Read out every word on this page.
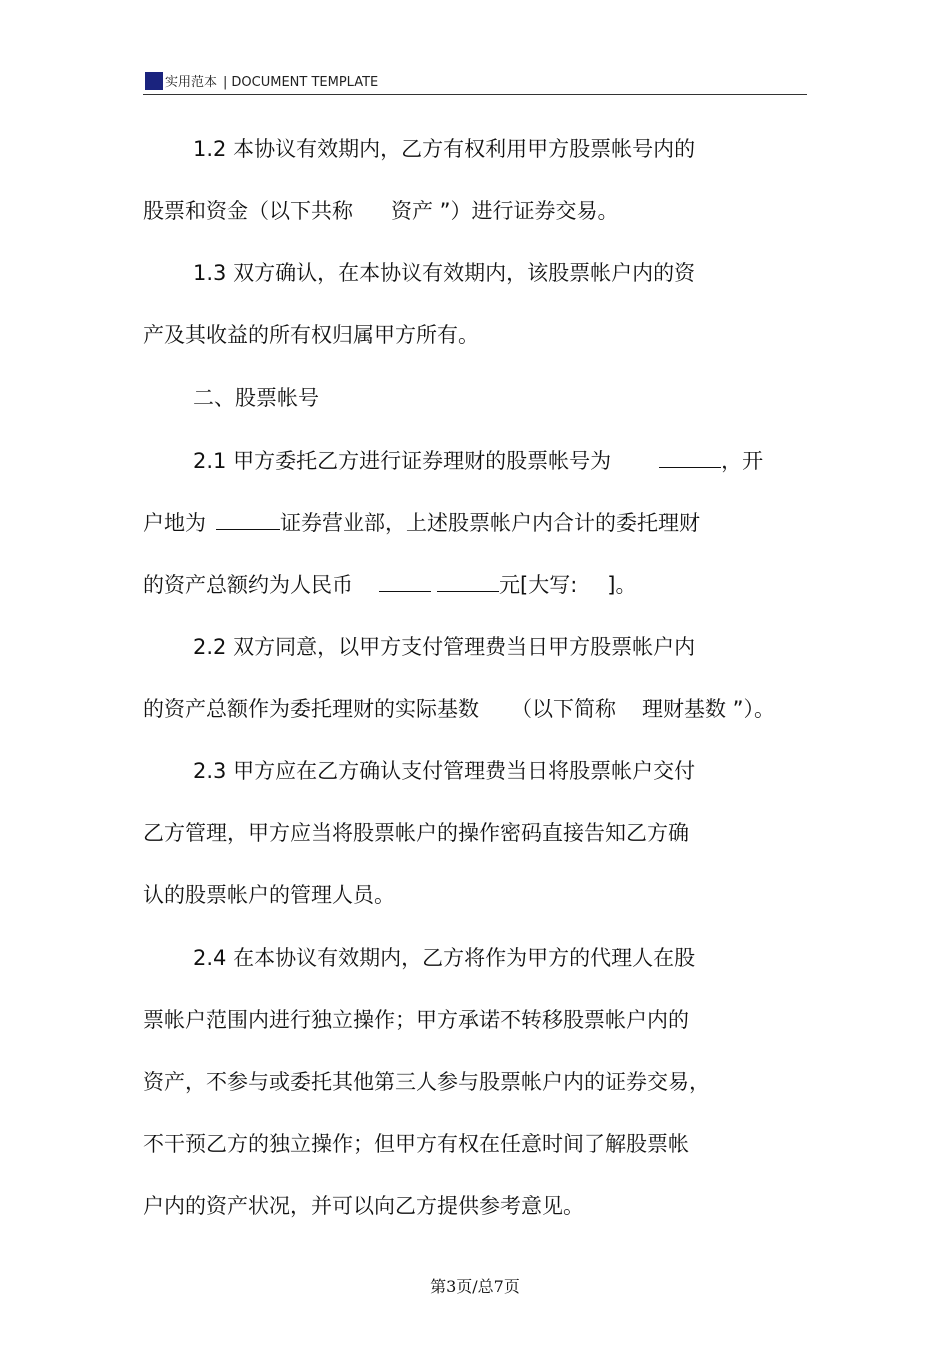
实用范本 | DOCUMENT TEMPLATE
1.2 本协议有效期内，乙方有权利用甲方股票帐号内的
股票和资金（以下共称 资产 ”）进行证券交易。
1.3 双方确认，在本协议有效期内，该股票帐户内的资
产及其收益的所有权归属甲方所有。
二、股票帐号
2.1 甲方委托乙方进行证券理财的股票帐号为	，开
户地为	证券营业部，上述股票帐户内合计的委托理财
的资产总额约为人民币	元[大写: ]。
2.2 双方同意，以甲方支付管理费当日甲方股票帐户内
的资产总额作为委托理财的实际基数 （以下简称 理财基数 ”）。
2.3 甲方应在乙方确认支付管理费当日将股票帐户交付
乙方管理，甲方应当将股票帐户的操作密码直接告知乙方确
认的股票帐户的管理人员。
2.4 在本协议有效期内，乙方将作为甲方的代理人在股
票帐户范围内进行独立操作；甲方承诺不转移股票帐户内的
资产，不参与或委托其他第三人参与股票帐户内的证券交易，
不干预乙方的独立操作；但甲方有权在任意时间了解股票帐
户内的资产状况，并可以向乙方提供参考意见。
第3页/总7页
